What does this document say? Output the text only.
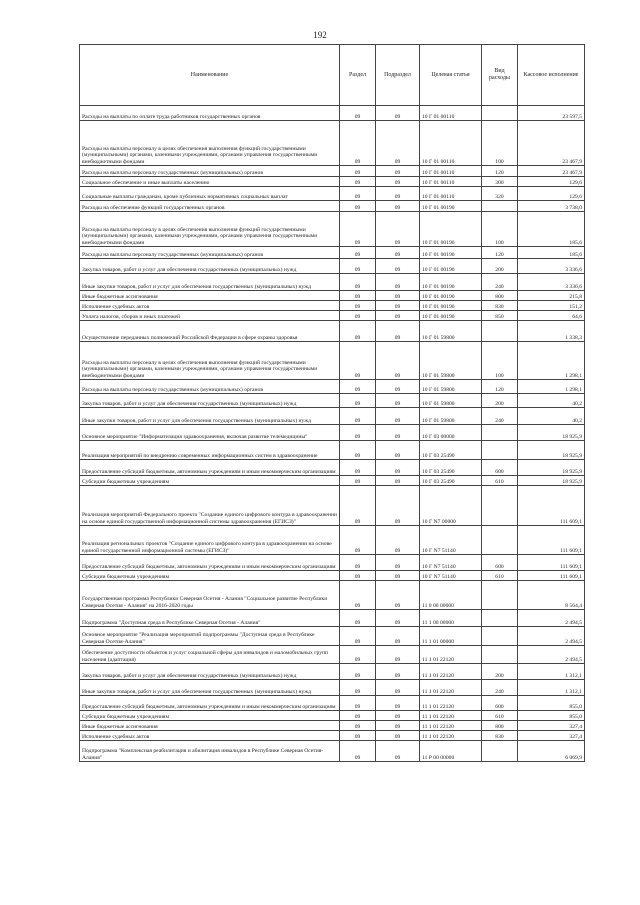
192
Наименование	Раздел	Подраздел	Целевая статья	Вид расходы	Кассовое исполнение
Расходы на выплаты по оплате труда работников государственных органов	09	09	10 Г 01 00110		23 597,5
Расходы на выплаты персоналу в целях обеспечения выполнения функций государственными (муниципальными) органами, казенными учреждениями, органами управления государственными внебюджетными фондами	09	09	10 Г 01 00110	100	23 467,9
Расходы на выплаты персоналу государственных (муниципальных) органов	09	09	10 Г 01 00110	120	23 467,9
Социальное обеспечение и иные выплаты населению	09	09	10 Г 01 00110	300	129,6
Социальные выплаты гражданам, кроме публичных нормативных социальных выплат	09	09	10 Г 01 00110	320	129,6
Расходы на обеспечение функций государственных органов	09	09	10 Г 01 00190		3 738,0
Расходы на выплаты персоналу в целях обеспечения выполнения функций государственными (муниципальными) органами, казенными учреждениями, органами управления государственными внебюджетными фондами	09	09	10 Г 01 00190	100	185,6
Расходы на выплаты персоналу государственных (муниципальных) органов	09	09	10 Г 01 00190	120	185,6
Закупка товаров, работ и услуг для обеспечения государственных (муниципальных) нужд	09	09	10 Г 01 00190	200	3 336,6
Иные закупки товаров, работ и услуг для обеспечения государственных (муниципальных) нужд	09	09	10 Г 01 00190	240	3 336,6
Иные бюджетные ассигнования	09	09	10 Г 01 00190	800	215,8
Исполнение судебных актов	09	09	10 Г 01 00190	830	151,2
Уплата налогов, сборов и иных платежей	09	09	10 Г 01 00190	850	64,6
Осуществление переданных полномочий Российской Федерации в сфере охраны здоровья	09	09	10 Г 01 59800		1 338,3
Расходы на выплаты персоналу в целях обеспечения выполнения функций государственными (муниципальными) органами, казенными учреждениями, органами управления государственными внебюджетными фондами	09	09	10 Г 01 59800	100	1 298,1
Расходы на выплаты персоналу государственных (муниципальных) органов	09	09	10 Г 01 59800	120	1 298,1
Закупка товаров, работ и услуг для обеспечения государственных (муниципальных) нужд	09	09	10 Г 01 59800	200	40,2
Иные закупки товаров, работ и услуг для обеспечения государственных (муниципальных) нужд	09	09	10 Г 01 59800	240	40,2
Основное мероприятие "Информатизация здравоохранения, включая развитие телемедицины"	09	09	10 Г 03 00000		18 925,9
Реализация мероприятий по внедрению современных информационных систем в здравоохранение	09	09	10 Г 03 25490		18 925,9
Предоставление субсидий бюджетным, автономным учреждениям и иным некоммерческим организациям	09	09	10 Г 03 25490	600	18 925,9
Субсидии бюджетным учреждениям	09	09	10 Г 03 25490	610	18 925,9
Реализация мероприятий Федерального проекта "Создание единого цифрового контура в здравоохранении на основе единой государственной информационной системы здравоохранения (ЕГИСЗ)"	09	09	10 Г N7 00000		111 609,1
Реализация региональных проектов "Создание единого цифрового контура в здравоохранении на основе единой государственной информационной системы (ЕГИСЗ)"	09	09	10 Г N7 51140		111 609,1
Предоставление субсидий бюджетным, автономным учреждениям и иным некоммерческим организациям	09	09	10 Г N7 51140	600	111 609,1
Субсидии бюджетным учреждениям	09	09	10 Г N7 51140	610	111 609,1
Государственная программа Республики Северная Осетия - Алания "Социальное развитие Республики Северная Осетия - Алания" на 2016-2020 годы	09	09	11 0 00 00000		8 564,4
Подпрограмма "Доступная среда в Республике Северная Осетия - Алания"	09	09	11 1 00 00000		2 494,5
Основное мероприятие "Реализация мероприятий подпрограммы "Доступная среда в Республике Северная Осетия-Алания"	09	09	11 1 01 00000		2 494,5
Обеспечение доступности объектов и услуг социальной сферы для инвалидов и маломобильных групп населения (адаптация)	09	09	11 1 01 22120		2 494,5
Закупка товаров, работ и услуг для обеспечения государственных (муниципальных) нужд	09	09	11 1 01 22120	200	1 312,1
Иные закупки товаров, работ и услуг для обеспечения государственных (муниципальных) нужд	09	09	11 1 01 22120	240	1 312,1
Предоставление субсидий бюджетным, автономным учреждениям и иным некоммерческим организациям	09	09	11 1 01 22120	600	855,0
Субсидии бюджетным учреждениям	09	09	11 1 01 22120	610	855,0
Иные бюджетные ассигнования	09	09	11 1 01 22120	800	327,4
Исполнение судебных актов	09	09	11 1 01 22120	830	327,4
Подпрограмма "Комплексная реабилитация и абилитация инвалидов в Республике Северная Осетия-Алания"	09	09	11 Р 00 00000		6 069,9
